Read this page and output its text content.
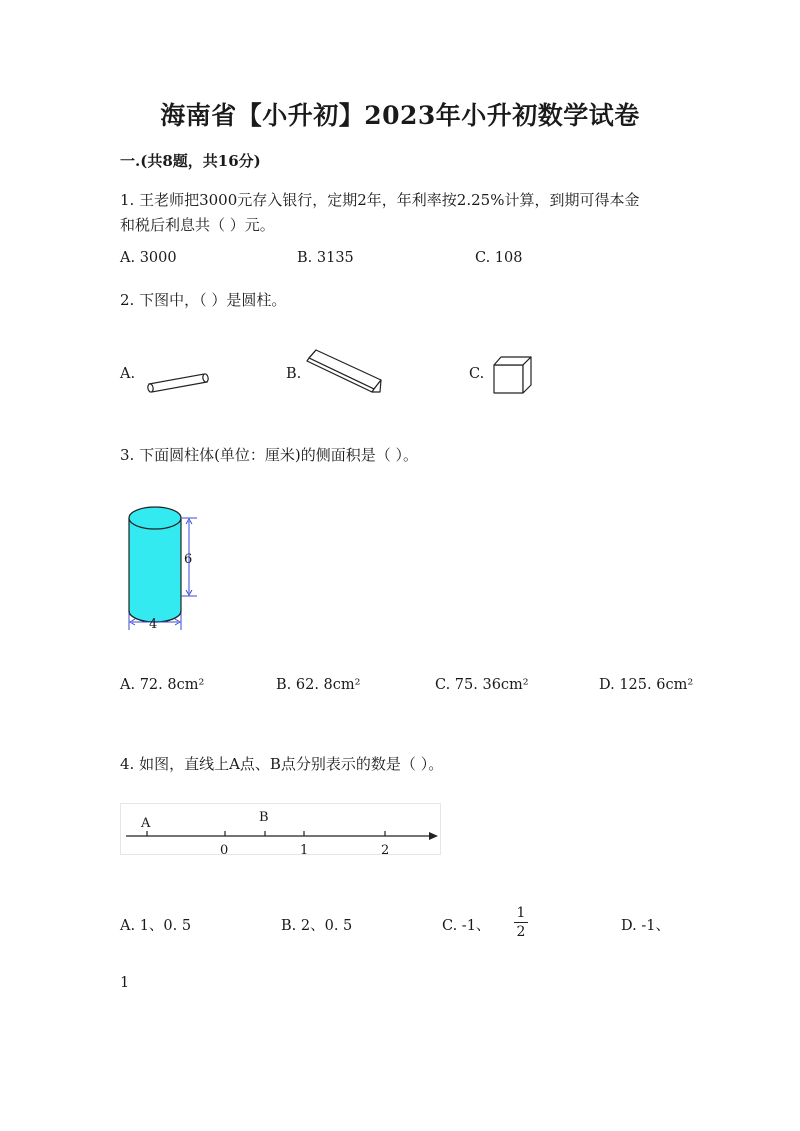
海南省【小升初】2023年小升初数学试卷
一.(共8题，共16分)
1. 王老师把3000元存入银行，定期2年，年利率按2.25%计算，到期可得本金
和税后利息共（ ）元。
A. 3000	B. 3135	C. 108
2. 下图中，（ ）是圆柱。
A.	B.	C.
3. 下面圆柱体(单位：厘米)的侧面积是（ ）。
6
4
A. 72. 8cm²	B. 62. 8cm²	C. 75. 36cm²	D. 125. 6cm²
4. 如图，直线上A点、B点分别表示的数是（ ）。
A	B
0	1	2
A. 1、0. 5	B. 2、0. 5	C. -1、
1
2	D. -1、
1
